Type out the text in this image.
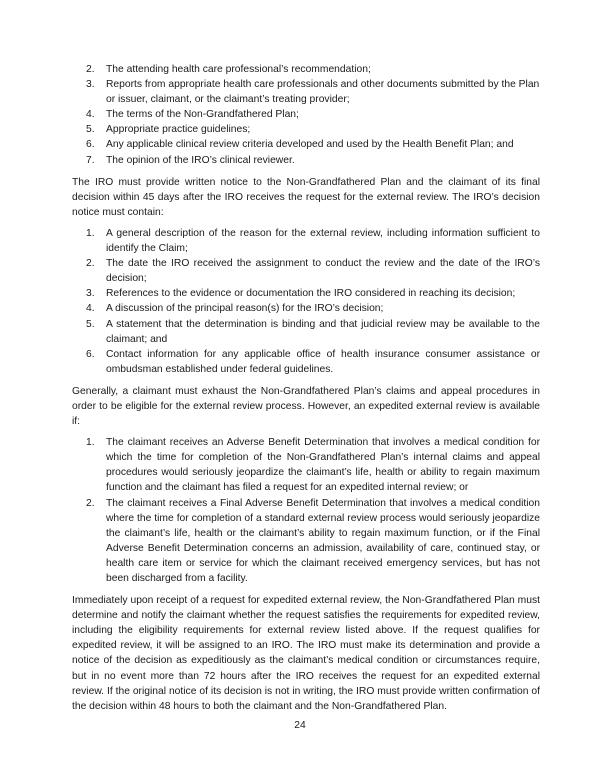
2. The attending health care professional’s recommendation;
3. Reports from appropriate health care professionals and other documents submitted by the Plan or issuer, claimant, or the claimant’s treating provider;
4. The terms of the Non-Grandfathered Plan;
5. Appropriate practice guidelines;
6. Any applicable clinical review criteria developed and used by the Health Benefit Plan; and
7. The opinion of the IRO’s clinical reviewer.

The IRO must provide written notice to the Non-Grandfathered Plan and the claimant of its final decision within 45 days after the IRO receives the request for the external review. The IRO’s decision notice must contain:

1. A general description of the reason for the external review, including information sufficient to identify the Claim;
2. The date the IRO received the assignment to conduct the review and the date of the IRO’s decision;
3. References to the evidence or documentation the IRO considered in reaching its decision;
4. A discussion of the principal reason(s) for the IRO’s decision;
5. A statement that the determination is binding and that judicial review may be available to the claimant; and
6. Contact information for any applicable office of health insurance consumer assistance or ombudsman established under federal guidelines.

Generally, a claimant must exhaust the Non-Grandfathered Plan’s claims and appeal procedures in order to be eligible for the external review process. However, an expedited external review is available if:

1. The claimant receives an Adverse Benefit Determination that involves a medical condition for which the time for completion of the Non-Grandfathered Plan’s internal claims and appeal procedures would seriously jeopardize the claimant’s life, health or ability to regain maximum function and the claimant has filed a request for an expedited internal review; or
2. The claimant receives a Final Adverse Benefit Determination that involves a medical condition where the time for completion of a standard external review process would seriously jeopardize the claimant’s life, health or the claimant’s ability to regain maximum function, or if the Final Adverse Benefit Determination concerns an admission, availability of care, continued stay, or health care item or service for which the claimant received emergency services, but has not been discharged from a facility.

Immediately upon receipt of a request for expedited external review, the Non-Grandfathered Plan must determine and notify the claimant whether the request satisfies the requirements for expedited review, including the eligibility requirements for external review listed above. If the request qualifies for expedited review, it will be assigned to an IRO. The IRO must make its determination and provide a notice of the decision as expeditiously as the claimant’s medical condition or circumstances require, but in no event more than 72 hours after the IRO receives the request for an expedited external review. If the original notice of its decision is not in writing, the IRO must provide written confirmation of the decision within 48 hours to both the claimant and the Non-Grandfathered Plan.

24
